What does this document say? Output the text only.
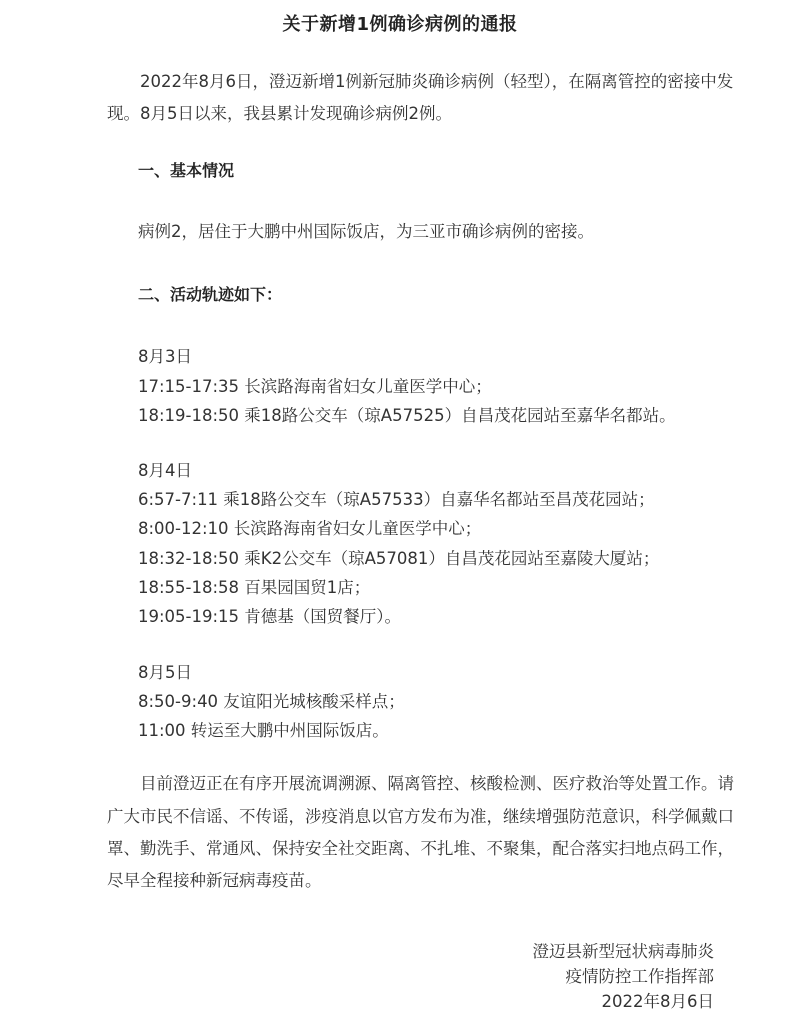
关于新增1例确诊病例的通报
2022年8月6日，澄迈新增1例新冠肺炎确诊病例（轻型），在隔离管控的密接中发
现。8月5日以来，我县累计发现确诊病例2例。
一、基本情况
病例2，居住于大鹏中州国际饭店，为三亚市确诊病例的密接。
二、活动轨迹如下：
8月3日
17:15-17:35 长滨路海南省妇女儿童医学中心；
18:19-18:50 乘18路公交车（琼A57525）自昌茂花园站至嘉华名都站。
8月4日
6:57-7:11 乘18路公交车（琼A57533）自嘉华名都站至昌茂花园站；
8:00-12:10 长滨路海南省妇女儿童医学中心；
18:32-18:50 乘K2公交车（琼A57081）自昌茂花园站至嘉陵大厦站；
18:55-18:58 百果园国贸1店；
19:05-19:15 肯德基（国贸餐厅）。
8月5日
8:50-9:40 友谊阳光城核酸采样点；
11:00 转运至大鹏中州国际饭店。
目前澄迈正在有序开展流调溯源、隔离管控、核酸检测、医疗救治等处置工作。请
广大市民不信谣、不传谣，涉疫消息以官方发布为准，继续增强防范意识，科学佩戴口
罩、勤洗手、常通风、保持安全社交距离、不扎堆、不聚集，配合落实扫地点码工作，
尽早全程接种新冠病毒疫苗。
澄迈县新型冠状病毒肺炎
疫情防控工作指挥部
2022年8月6日
